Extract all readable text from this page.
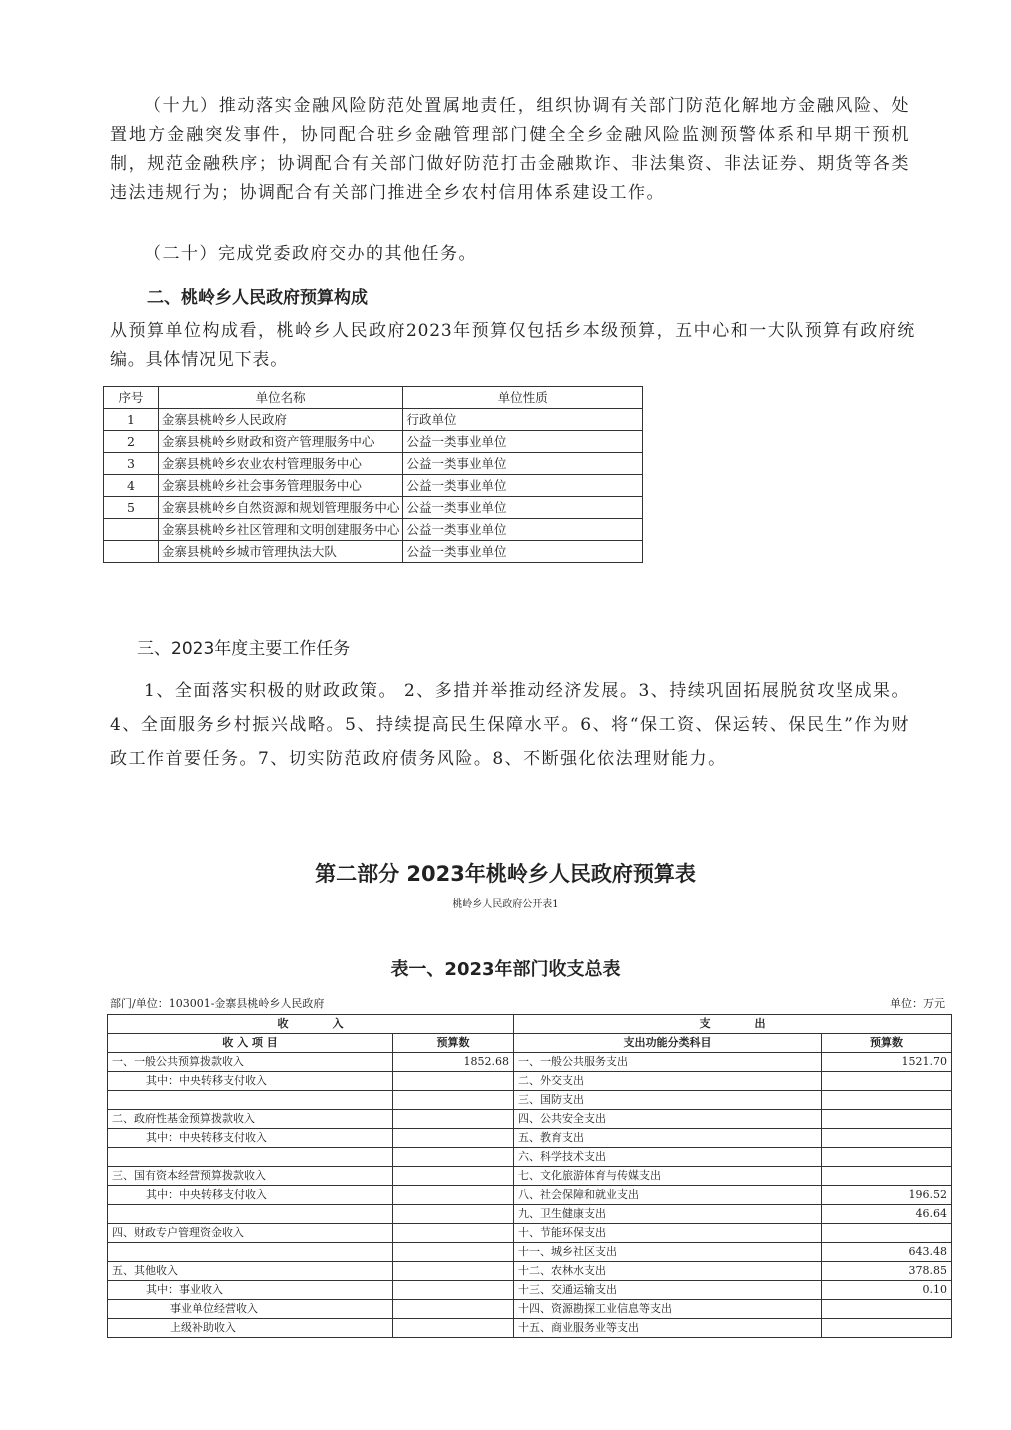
（十九）推动落实金融风险防范处置属地责任，组织协调有关部门防范化解地方金融风险、处置地方金融突发事件，协同配合驻乡金融管理部门健全全乡金融风险监测预警体系和早期干预机制，规范金融秩序；协调配合有关部门做好防范打击金融欺诈、非法集资、非法证券、期货等各类违法违规行为；协调配合有关部门推进全乡农村信用体系建设工作。

（二十）完成党委政府交办的其他任务。

二、桃岭乡人民政府预算构成

从预算单位构成看，桃岭乡人民政府2023年预算仅包括乡本级预算，五中心和一大队预算有政府统编。具体情况见下表。

序号	单位名称	单位性质
1	金寨县桃岭乡人民政府	行政单位
2	金寨县桃岭乡财政和资产管理服务中心	公益一类事业单位
3	金寨县桃岭乡农业农村管理服务中心	公益一类事业单位
4	金寨县桃岭乡社会事务管理服务中心	公益一类事业单位
5	金寨县桃岭乡自然资源和规划管理服务中心	公益一类事业单位
	金寨县桃岭乡社区管理和文明创建服务中心	公益一类事业单位
	金寨县桃岭乡城市管理执法大队	公益一类事业单位
三、2023年度主要工作任务

1、全面落实积极的财政政策。 2、多措并举推动经济发展。3、持续巩固拓展脱贫攻坚成果。4、全面服务乡村振兴战略。5、持续提高民生保障水平。6、将“保工资、保运转、保民生”作为财政工作首要任务。7、切实防范政府债务风险。8、不断强化依法理财能力。

第二部分 2023年桃岭乡人民政府预算表

桃岭乡人民政府公开表1

表一、2023年部门收支总表

部门/单位：103001-金寨县桃岭乡人民政府	单位：万元

收　　　　入		支　　　　出	
收 入 项 目	预算数	支出功能分类科目	预算数
一、一般公共预算拨款收入	1852.68	一、一般公共服务支出	1521.70
其中：中央转移支付收入		二、外交支出	
		三、国防支出	
二、政府性基金预算拨款收入		四、公共安全支出	
其中：中央转移支付收入		五、教育支出	
		六、科学技术支出	
三、国有资本经营预算拨款收入		七、文化旅游体育与传媒支出	
其中：中央转移支付收入		八、社会保障和就业支出	196.52
		九、卫生健康支出	46.64
四、财政专户管理资金收入		十、节能环保支出	
		十一、城乡社区支出	643.48
五、其他收入		十二、农林水支出	378.85
其中：事业收入		十三、交通运输支出	0.10
事业单位经营收入		十四、资源勘探工业信息等支出	
上级补助收入		十五、商业服务业等支出	
